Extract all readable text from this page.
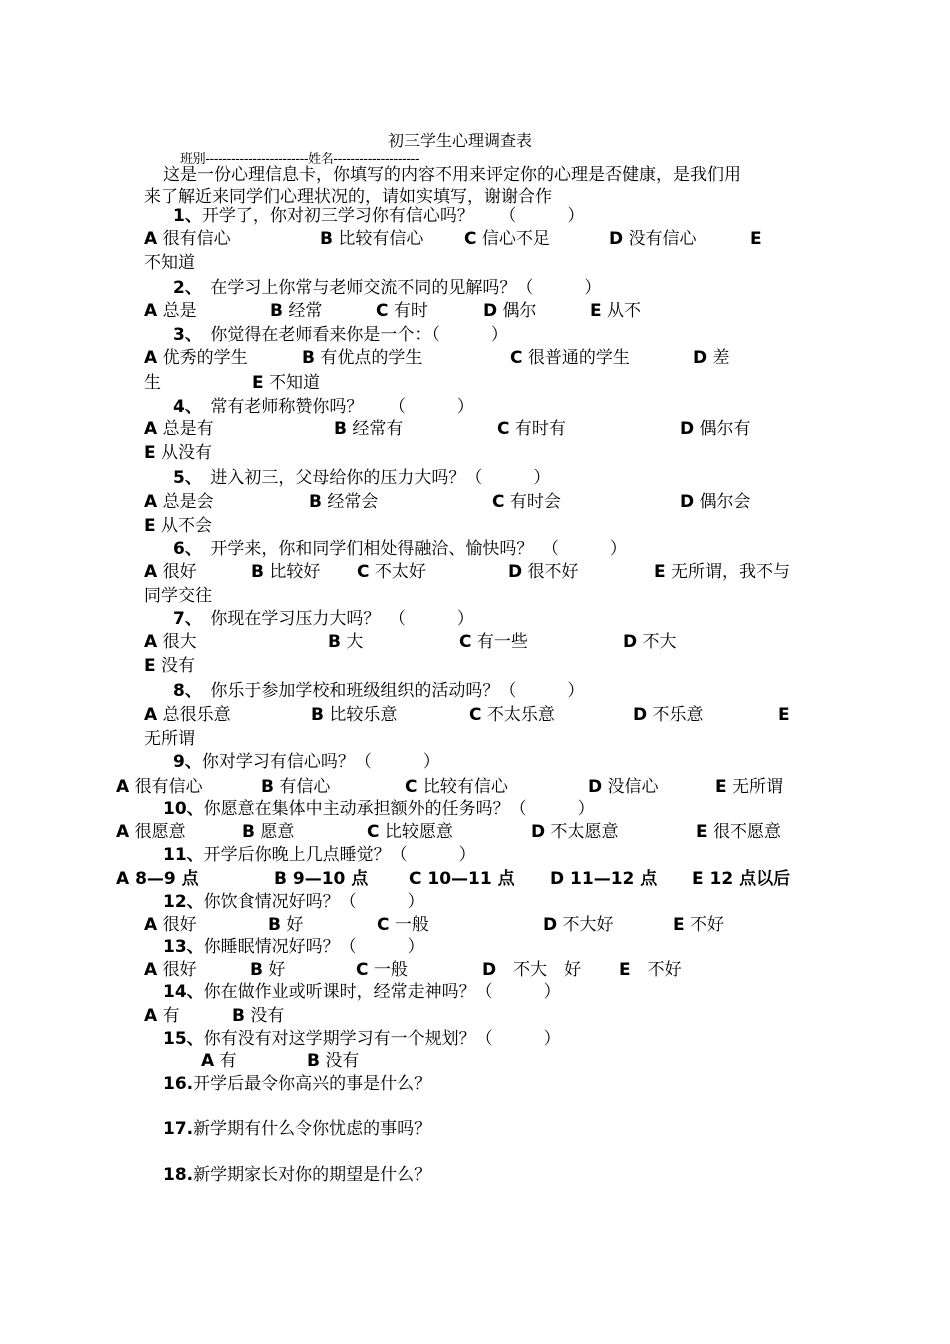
初三学生心理调查表
班别------------------------姓名--------------------
这是一份心理信息卡，你填写的内容不用来评定你的心理是否健康，是我们用
来了解近来同学们心理状况的，请如实填写，谢谢合作
1、开学了，你对初三学习你有信心吗？　　（　　　）
A 很有信心	B 比较有信心 C 信心不足	D 没有信心	E
不知道
2、　在学习上你常与老师交流不同的见解吗？（　　　）
A 总是	B 经常	C 有时	D 偶尔	E 从不
3、　你觉得在老师看来你是一个：（　　　）
A 优秀的学生	B 有优点的学生	C 很普通的学生	D 差
生	E 不知道
4、　常有老师称赞你吗？　　（　　　）
A 总是有	B 经常有	C 有时有	D 偶尔有
E 从没有
5、　进入初三，父母给你的压力大吗？（　　　）
A 总是会	B 经常会	C 有时会	D 偶尔会
E 从不会
6、　开学来，你和同学们相处得融洽、愉快吗？　（　　　）
A 很好	B 比较好 C 不太好	D 很不好	E 无所谓，我不与
同学交往
7、　你现在学习压力大吗？　（　　　）
A 很大	B 大	C 有一些	D 不大
E 没有
8、　你乐于参加学校和班级组织的活动吗？（　　　）
A 总很乐意	B 比较乐意	C 不太乐意	D 不乐意	E
无所谓
9、你对学习有信心吗？（　　　）
A 很有信心	B 有信心	C 比较有信心	D 没信心	E 无所谓
10、你愿意在集体中主动承担额外的任务吗？（　　　）
A 很愿意	B 愿意	C 比较愿意	D 不太愿意	E 很不愿意
11、开学后你晚上几点睡觉？（　　　）
A 8—9 点	B 9—10 点 C 10—11 点 D 11—12 点 E 12 点以后
12、你饮食情况好吗？（　　　）
A 很好	B 好	C 一般	D 不大好	E 不好
13、你睡眠情况好吗？（　　　）
A 很好	B 好	C 一般	D　不大　好 E　不好
14、你在做作业或听课时，经常走神吗？（　　　）
A 有	B 没有
15、你有没有对这学期学习有一个规划？（　　　）
A 有	B 没有
16.开学后最令你高兴的事是什么？
17.新学期有什么令你忧虑的事吗？
18.新学期家长对你的期望是什么？
